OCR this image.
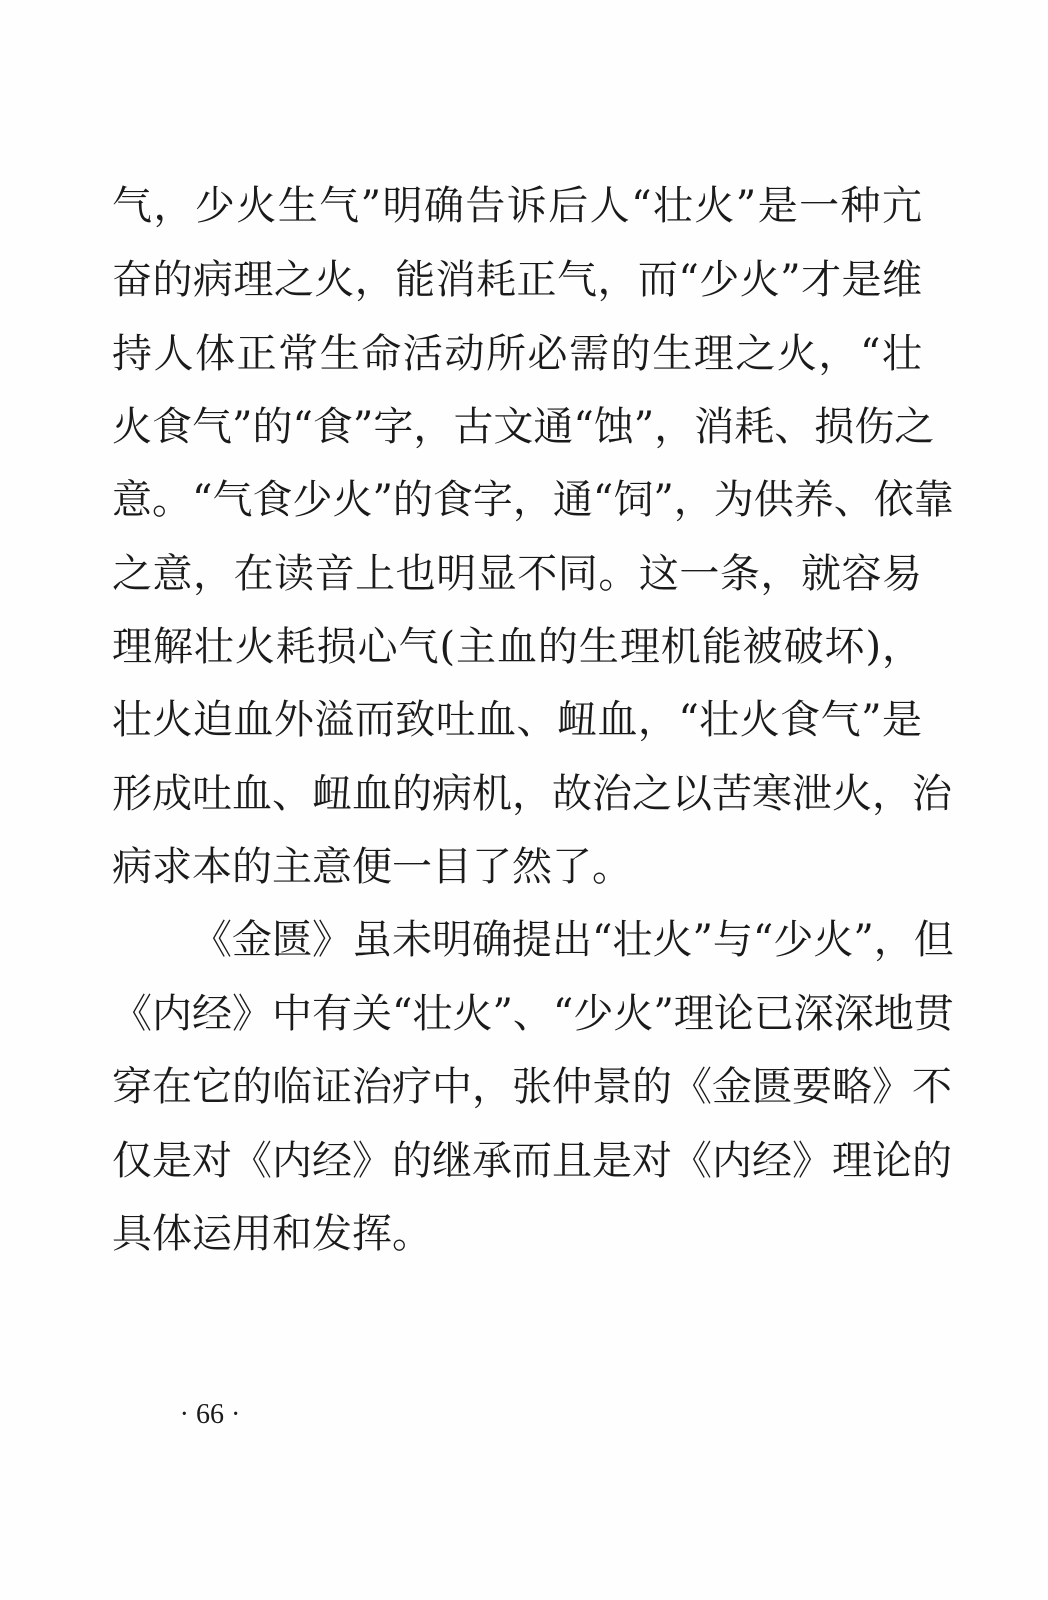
气，少火生气”明确告诉后人“壮火”是一种亢
奋的病理之火，能消耗正气，而“少火”才是维
持人体正常生命活动所必需的生理之火，“壮
火食气”的“食”字，古文通“蚀”，消耗、损伤之
意。“气食少火”的食字，通“饲”，为供养、依靠
之意，在读音上也明显不同。这一条，就容易
理解壮火耗损心气(主血的生理机能被破坏)，
壮火迫血外溢而致吐血、衄血，“壮火食气”是
形成吐血、衄血的病机，故治之以苦寒泄火，治
病求本的主意便一目了然了。
《金匮》虽未明确提出“壮火”与“少火”，但
《内经》中有关“壮火”、“少火”理论已深深地贯
穿在它的临证治疗中，张仲景的《金匮要略》不
仅是对《内经》的继承而且是对《内经》理论的
具体运用和发挥。
· 66 ·
